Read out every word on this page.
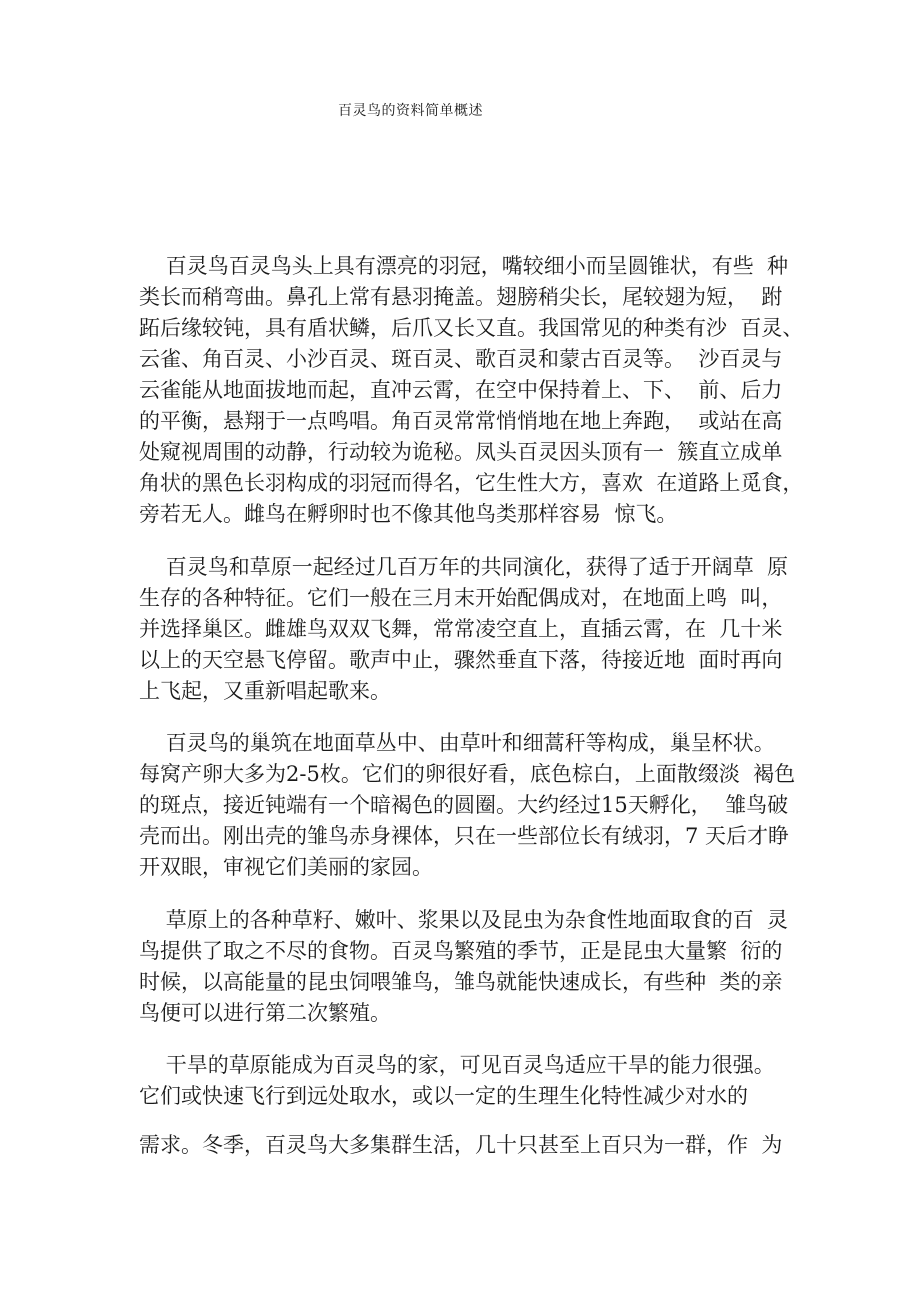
百灵鸟的资料简单概述
百灵鸟百灵鸟头上具有漂亮的羽冠，嘴较细小而呈圆锥状，有些  种
类长而稍弯曲。鼻孔上常有悬羽掩盖。翅膀稍尖长，尾较翅为短，  跗
跖后缘较钝，具有盾状鳞，后爪又长又直。我国常见的种类有沙  百灵、
云雀、角百灵、小沙百灵、斑百灵、歌百灵和蒙古百灵等。  沙百灵与
云雀能从地面拔地而起，直冲云霄，在空中保持着上、下、  前、后力
的平衡，悬翔于一点鸣唱。角百灵常常悄悄地在地上奔跑，  或站在高
处窥视周围的动静，行动较为诡秘。凤头百灵因头顶有一  簇直立成单
角状的黑色长羽构成的羽冠而得名，它生性大方，喜欢  在道路上觅食，
旁若无人。雌鸟在孵卵时也不像其他鸟类那样容易  惊飞。
百灵鸟和草原一起经过几百万年的共同演化，获得了适于开阔草  原
生存的各种特征。它们一般在三月末开始配偶成对，在地面上鸣  叫，
并选择巢区。雌雄鸟双双飞舞，常常凌空直上，直插云霄，在  几十米
以上的天空悬飞停留。歌声中止，骤然垂直下落，待接近地  面时再向
上飞起，又重新唱起歌来。
百灵鸟的巢筑在地面草丛中、由草叶和细蒿秆等构成，巢呈杯状。
每窝产卵大多为2-5枚。它们的卵很好看，底色棕白，上面散缀淡  褐色
的斑点，接近钝端有一个暗褐色的圆圈。大约经过15天孵化，  雏鸟破
壳而出。刚出壳的雏鸟赤身裸体，只在一些部位长有绒羽，7 天后才睁
开双眼，审视它们美丽的家园。
草原上的各种草籽、嫩叶、浆果以及昆虫为杂食性地面取食的百  灵
鸟提供了取之不尽的食物。百灵鸟繁殖的季节，正是昆虫大量繁  衍的
时候，以高能量的昆虫饲喂雏鸟，雏鸟就能快速成长，有些种  类的亲
鸟便可以进行第二次繁殖。
干旱的草原能成为百灵鸟的家，可见百灵鸟适应干旱的能力很强。
它们或快速飞行到远处取水，或以一定的生理生化特性减少对水的
需求。冬季，百灵鸟大多集群生活，几十只甚至上百只为一群，作  为
